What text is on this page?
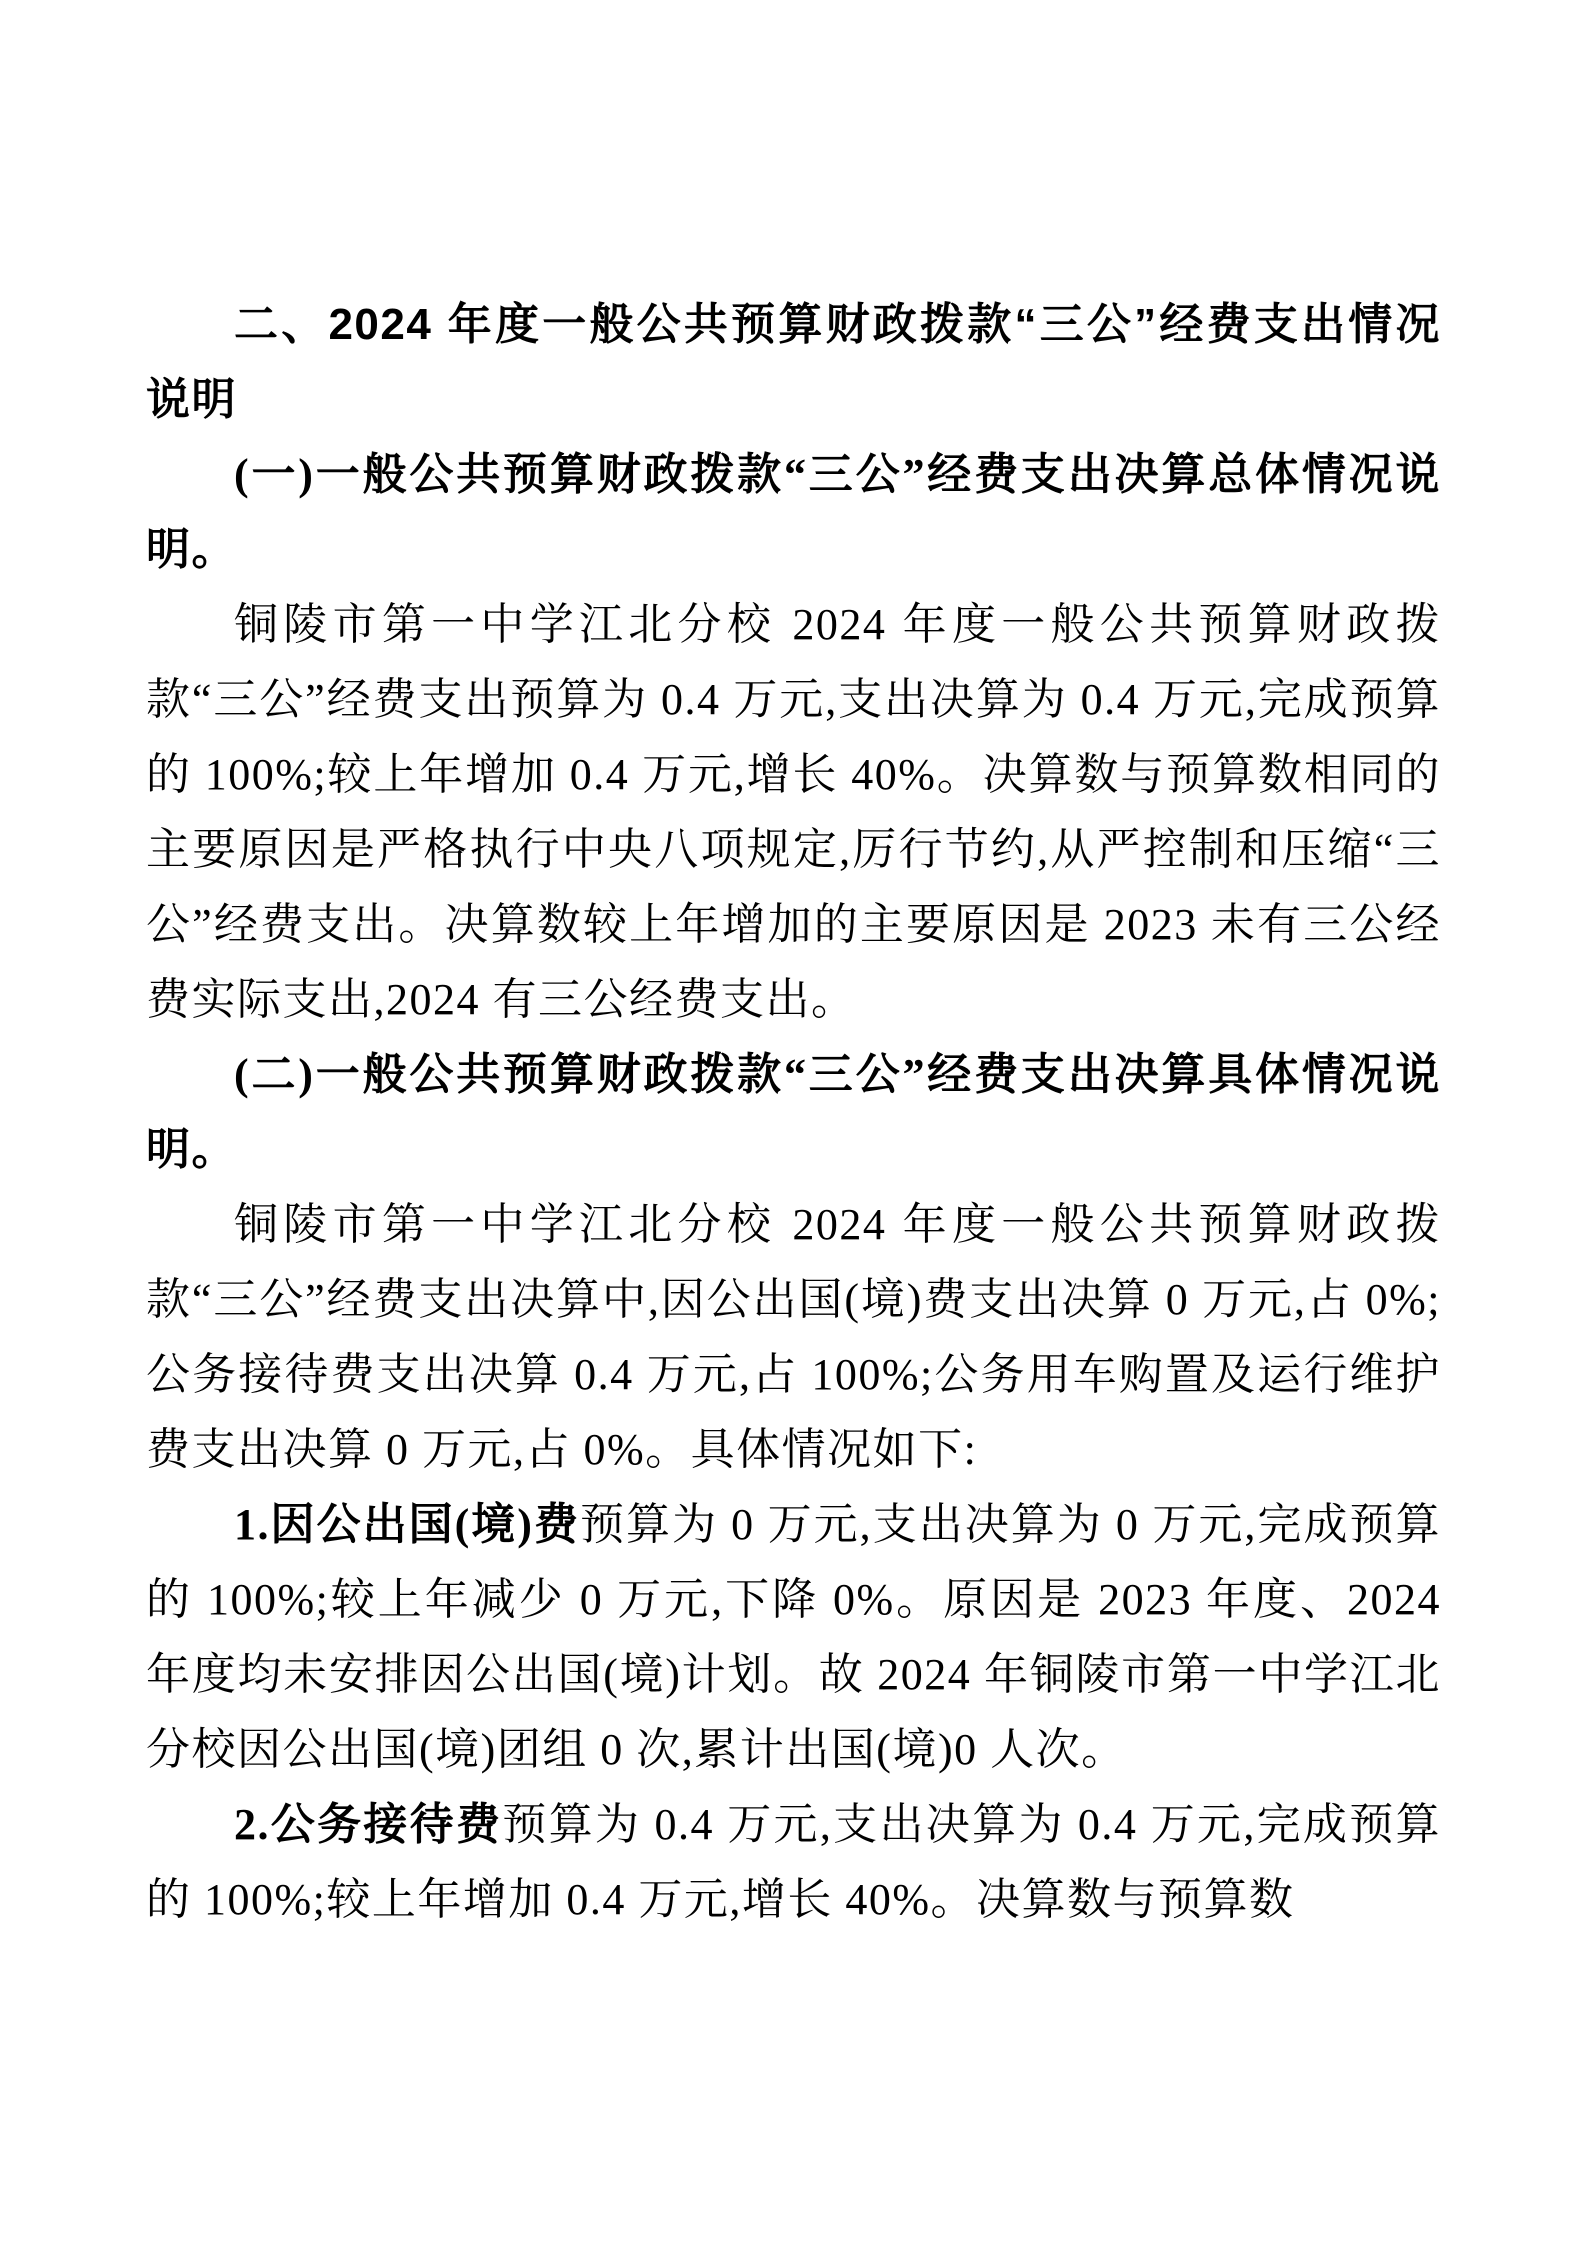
二、2024 年度一般公共预算财政拨款“三公”经费支出情况说明

(一)一般公共预算财政拨款“三公”经费支出决算总体情况说明。

铜陵市第一中学江北分校 2024 年度一般公共预算财政拨款“三公”经费支出预算为 0.4 万元,支出决算为 0.4 万元,完成预算的 100%;较上年增加 0.4 万元,增长 40%。决算数与预算数相同的主要原因是严格执行中央八项规定,厉行节约,从严控制和压缩“三公”经费支出。决算数较上年增加的主要原因是 2023 未有三公经费实际支出,2024 有三公经费支出。

(二)一般公共预算财政拨款“三公”经费支出决算具体情况说明。

铜陵市第一中学江北分校 2024 年度一般公共预算财政拨款“三公”经费支出决算中,因公出国(境)费支出决算 0 万元,占 0%;公务接待费支出决算 0.4 万元,占 100%;公务用车购置及运行维护费支出决算 0 万元,占 0%。具体情况如下:

1.因公出国(境)费预算为 0 万元,支出决算为 0 万元,完成预算的 100%;较上年减少 0 万元,下降 0%。原因是 2023 年度、2024 年度均未安排因公出国(境)计划。故 2024 年铜陵市第一中学江北分校因公出国(境)团组 0 次,累计出国(境)0 人次。

2.公务接待费预算为 0.4 万元,支出决算为 0.4 万元,完成预算的 100%;较上年增加 0.4 万元,增长 40%。决算数与预算数
